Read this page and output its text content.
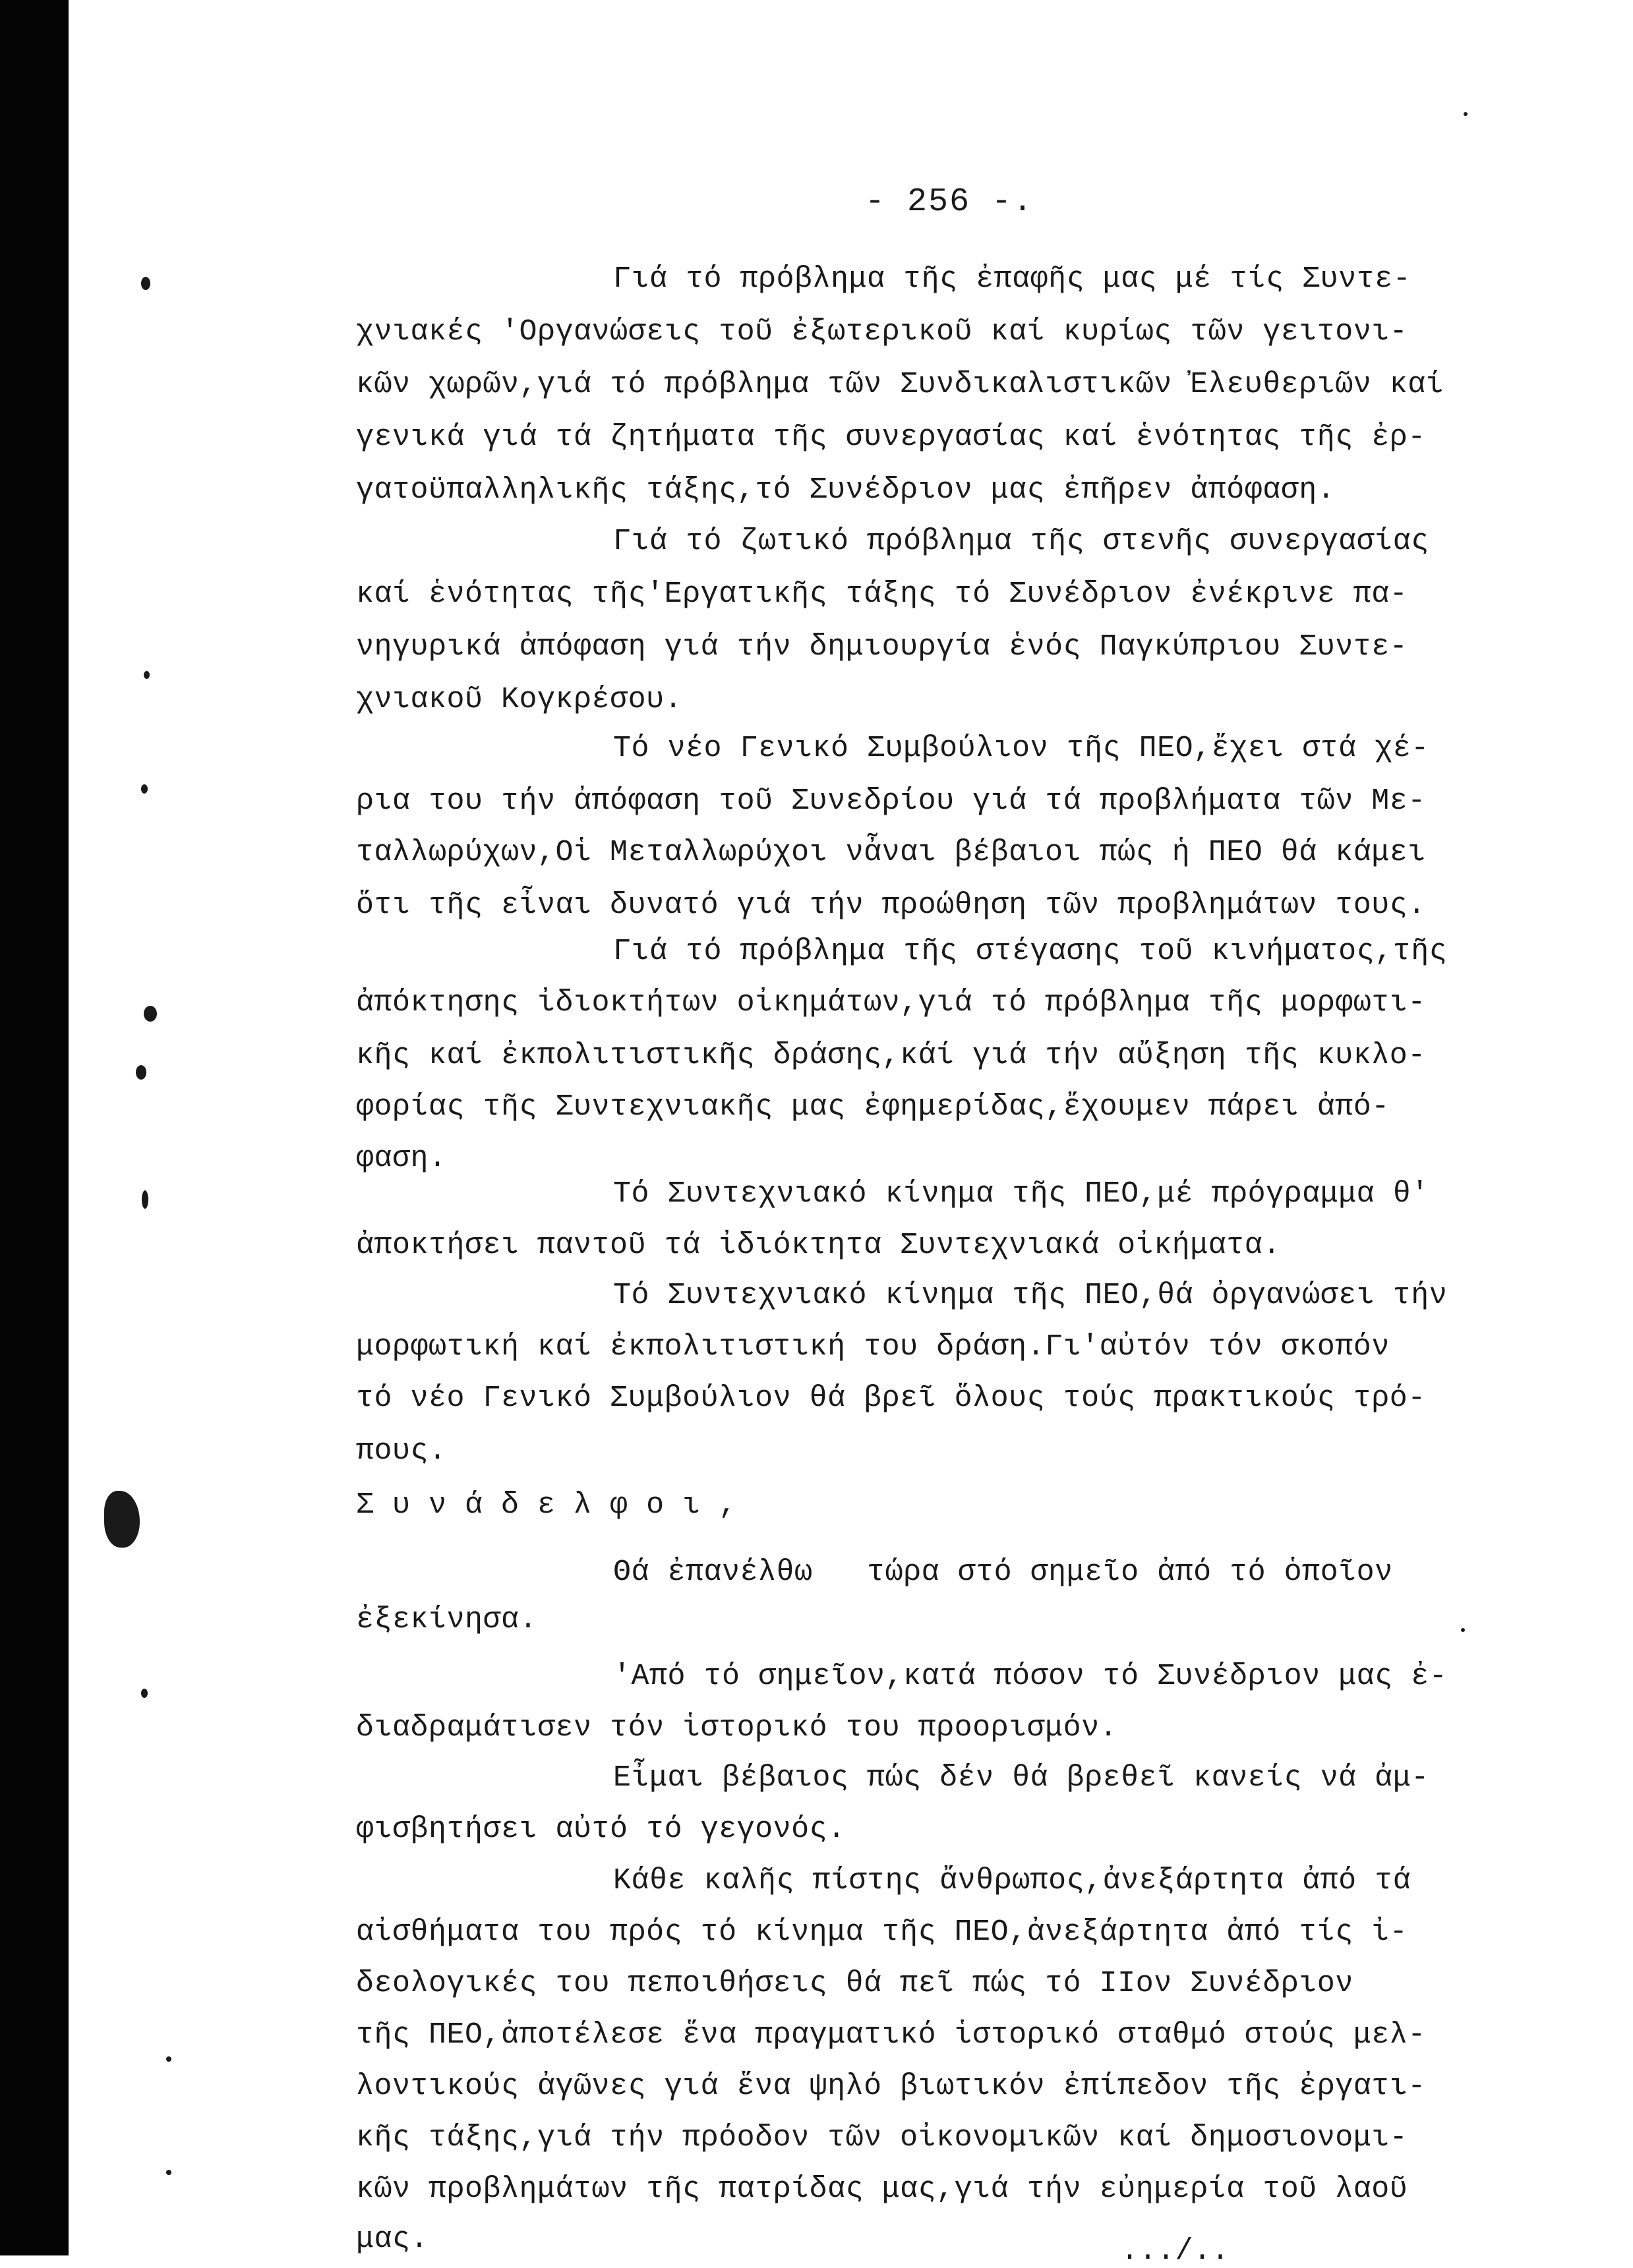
- 256 -.
Γιά τό πρόβλημα τῆς ἐπαφῆς μας μέ τίς Συντε-
χνιακές 'Οργανώσεις τοῦ ἐξωτερικοῦ καί κυρίως τῶν γειτονι-
κῶν χωρῶν,γιά τό πρόβλημα τῶν Συνδικαλιστικῶν Ἐλευθεριῶν καί
γενικά γιά τά ζητήματα τῆς συνεργασίας καί ἑνότητας τῆς ἐρ-
γατοϋπαλληλικῆς τάξης,τό Συνέδριον μας ἐπῆρεν ἀπόφαση.
Γιά τό ζωτικό πρόβλημα τῆς στενῆς συνεργασίας
καί ἑνότητας τῆς'Εργατικῆς τάξης τό Συνέδριον ἐνέκρινε πα-
νηγυρικά ἀπόφαση γιά τήν δημιουργία ἑνός Παγκύπριου Συντε-
χνιακοῦ Κογκρέσου.
Τό νέο Γενικό Συμβούλιον τῆς ΠΕΟ,ἔχει στά χέ-
ρια του τήν ἀπόφαση τοῦ Συνεδρίου γιά τά προβλήματα τῶν Με-
ταλλωρύχων,Οἱ Μεταλλωρύχοι νἆναι βέβαιοι πώς ἡ ΠΕΟ θά κάμει
ὅτι τῆς εἶναι δυνατό γιά τήν προώθηση τῶν προβλημάτων τους.
Γιά τό πρόβλημα τῆς στέγασης τοῦ κινήματος,τῆς
ἀπόκτησης ἰδιοκτήτων οἰκημάτων,γιά τό πρόβλημα τῆς μορφωτι-
κῆς καί ἐκπολιτιστικῆς δράσης,κάί γιά τήν αὔξηση τῆς κυκλο-
φορίας τῆς Συντεχνιακῆς μας ἐφημερίδας,ἔχουμεν πάρει ἀπό-
φαση.
Τό Συντεχνιακό κίνημα τῆς ΠΕΟ,μέ πρόγραμμα θ'
ἀποκτήσει παντοῦ τά ἰδιόκτητα Συντεχνιακά οἰκήματα.
Τό Συντεχνιακό κίνημα τῆς ΠΕΟ,θά ὀργανώσει τήν
μορφωτική καί ἐκπολιτιστική του δράση.Γι'αὐτόν τόν σκοπόν
τό νέο Γενικό Συμβούλιον θά βρεῖ ὅλους τούς πρακτικούς τρό-
πους.
Σ υ ν ά δ ε λ φ ο ι ,
Θά ἐπανέλθω   τώρα στό σημεῖο ἀπό τό ὁποῖον
ἐξεκίνησα.
'Από τό σημεῖον,κατά πόσον τό Συνέδριον μας ἐ-
διαδραμάτισεν τόν ἱστορικό του προορισμόν.
Εἶμαι βέβαιος πώς δέν θά βρεθεῖ κανείς νά ἀμ-
φισβητήσει αὐτό τό γεγονός.
Κάθε καλῆς πίστης ἄνθρωπος,ἀνεξάρτητα ἀπό τά
αἰσθήματα του πρός τό κίνημα τῆς ΠΕΟ,ἀνεξάρτητα ἀπό τίς ἰ-
δεολογικές του πεποιθήσεις θά πεῖ πώς τό ΙΙον Συνέδριον
τῆς ΠΕΟ,ἀποτέλεσε ἕνα πραγματικό ἱστορικό σταθμό στούς μελ-
λοντικούς ἀγῶνες γιά ἕνα ψηλό βιωτικόν ἐπίπεδον τῆς ἐργατι-
κῆς τάξης,γιά τήν πρόοδον τῶν οἰκονομικῶν καί δημοσιονομι-
κῶν προβλημάτων τῆς πατρίδας μας,γιά τήν εὐημερία τοῦ λαοῦ
μας.	.../..
